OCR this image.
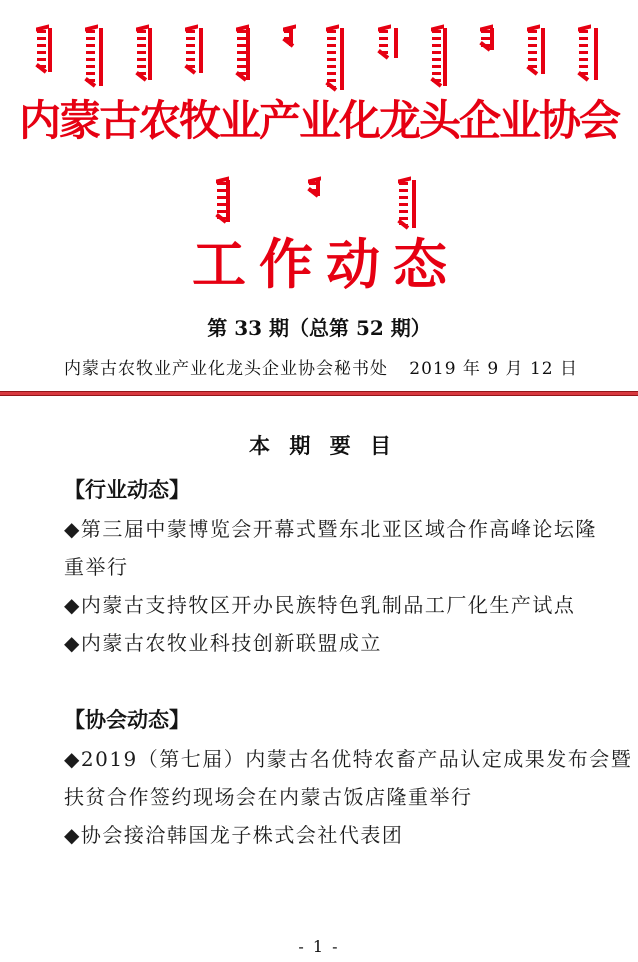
内蒙古农牧业产业化龙头企业协会
工作动态
第 33 期（总第 52 期）
内蒙古农牧业产业化龙头企业协会秘书处 2019 年 9 月 12 日
本 期 要 目
【行业动态】
◆第三届中蒙博览会开幕式暨东北亚区域合作高峰论坛隆
重举行
◆内蒙古支持牧区开办民族特色乳制品工厂化生产试点
◆内蒙古农牧业科技创新联盟成立
【协会动态】
◆2019（第七届）内蒙古名优特农畜产品认定成果发布会暨
扶贫合作签约现场会在内蒙古饭店隆重举行
◆协会接洽韩国龙子株式会社代表团
- 1 -
